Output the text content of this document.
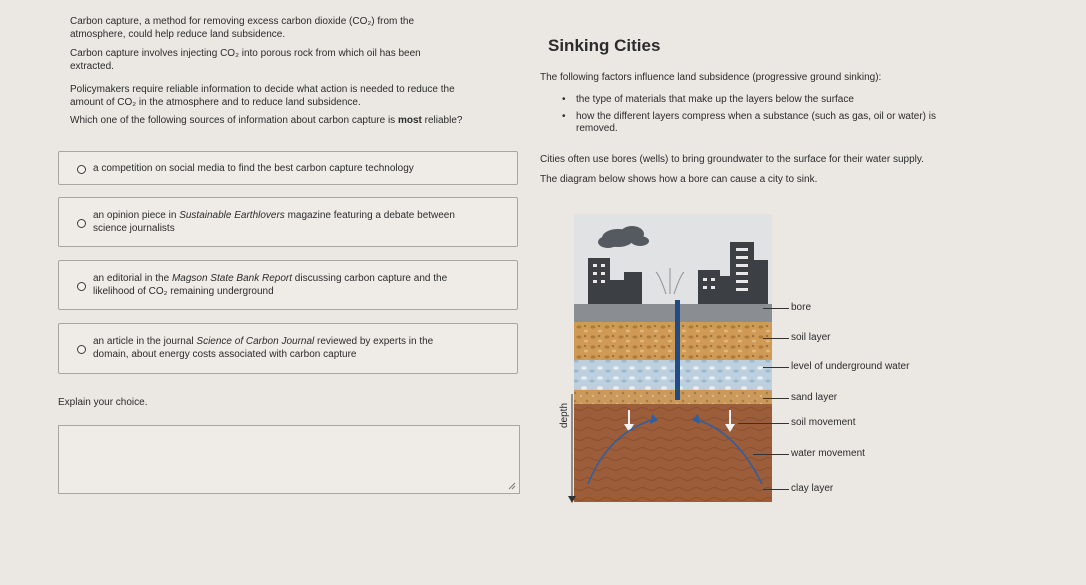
Carbon capture, a method for removing excess carbon dioxide (CO₂) from the
atmosphere, could help reduce land subsidence.
Carbon capture involves injecting CO₂ into porous rock from which oil has been
extracted.
Policymakers require reliable information to decide what action is needed to reduce the
amount of CO₂ in the atmosphere and to reduce land subsidence.
Which one of the following sources of information about carbon capture is most reliable?
a competition on social media to find the best carbon capture technology
an opinion piece in Sustainable Earthlovers magazine featuring a debate between
science journalists
an editorial in the Magson State Bank Report discussing carbon capture and the
likelihood of CO₂ remaining underground
an article in the journal Science of Carbon Journal reviewed by experts in the
domain, about energy costs associated with carbon capture
Explain your choice.
Sinking Cities
The following factors influence land subsidence (progressive ground sinking):
• the type of materials that make up the layers below the surface
• how the different layers compress when a substance (such as gas, oil or water) is
removed.
Cities often use bores (wells) to bring groundwater to the surface for their water supply.
The diagram below shows how a bore can cause a city to sink.
depth
bore
soil layer
level of underground water
sand layer
soil movement
water movement
clay layer
